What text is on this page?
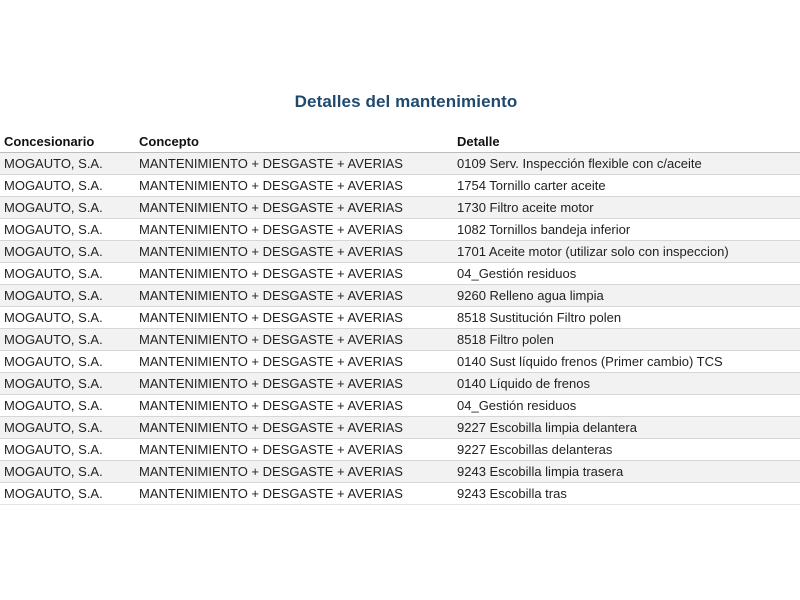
Detalles del mantenimiento
Concesionario	Concepto	Detalle
MOGAUTO, S.A.	MANTENIMIENTO + DESGASTE + AVERIAS	0109 Serv. Inspección flexible con c/aceite
MOGAUTO, S.A.	MANTENIMIENTO + DESGASTE + AVERIAS	1754 Tornillo carter aceite
MOGAUTO, S.A.	MANTENIMIENTO + DESGASTE + AVERIAS	1730 Filtro aceite motor
MOGAUTO, S.A.	MANTENIMIENTO + DESGASTE + AVERIAS	1082 Tornillos bandeja inferior
MOGAUTO, S.A.	MANTENIMIENTO + DESGASTE + AVERIAS	1701 Aceite motor (utilizar solo con inspeccion)
MOGAUTO, S.A.	MANTENIMIENTO + DESGASTE + AVERIAS	04_Gestión residuos
MOGAUTO, S.A.	MANTENIMIENTO + DESGASTE + AVERIAS	9260 Relleno agua limpia
MOGAUTO, S.A.	MANTENIMIENTO + DESGASTE + AVERIAS	8518 Sustitución Filtro polen
MOGAUTO, S.A.	MANTENIMIENTO + DESGASTE + AVERIAS	8518 Filtro polen
MOGAUTO, S.A.	MANTENIMIENTO + DESGASTE + AVERIAS	0140 Sust líquido frenos (Primer cambio) TCS
MOGAUTO, S.A.	MANTENIMIENTO + DESGASTE + AVERIAS	0140 Líquido de frenos
MOGAUTO, S.A.	MANTENIMIENTO + DESGASTE + AVERIAS	04_Gestión residuos
MOGAUTO, S.A.	MANTENIMIENTO + DESGASTE + AVERIAS	9227 Escobilla limpia delantera
MOGAUTO, S.A.	MANTENIMIENTO + DESGASTE + AVERIAS	9227 Escobillas delanteras
MOGAUTO, S.A.	MANTENIMIENTO + DESGASTE + AVERIAS	9243 Escobilla limpia trasera
MOGAUTO, S.A.	MANTENIMIENTO + DESGASTE + AVERIAS	9243 Escobilla tras
